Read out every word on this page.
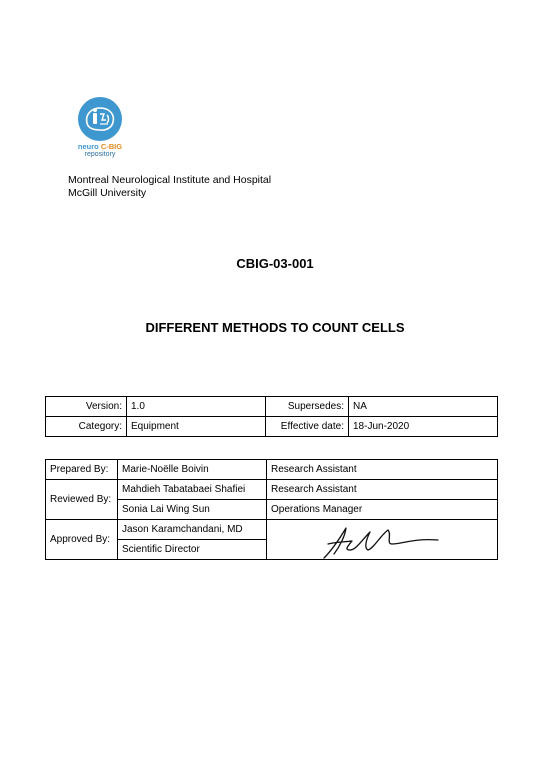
neuro C-BIG
repository
Montreal Neurological Institute and Hospital
McGill University
CBIG-03-001
DIFFERENT METHODS TO COUNT CELLS
Version:	1.0	Supersedes:	NA
Category:	Equipment	Effective date:	18-Jun-2020
Prepared By:	Marie-Noëlle Boivin	Research Assistant
Reviewed By:	Mahdieh Tabatabaei Shafiei	Research Assistant
	Sonia Lai Wing Sun	Operations Manager
Approved By:	Jason Karamchandani, MD	
	Scientific Director	
